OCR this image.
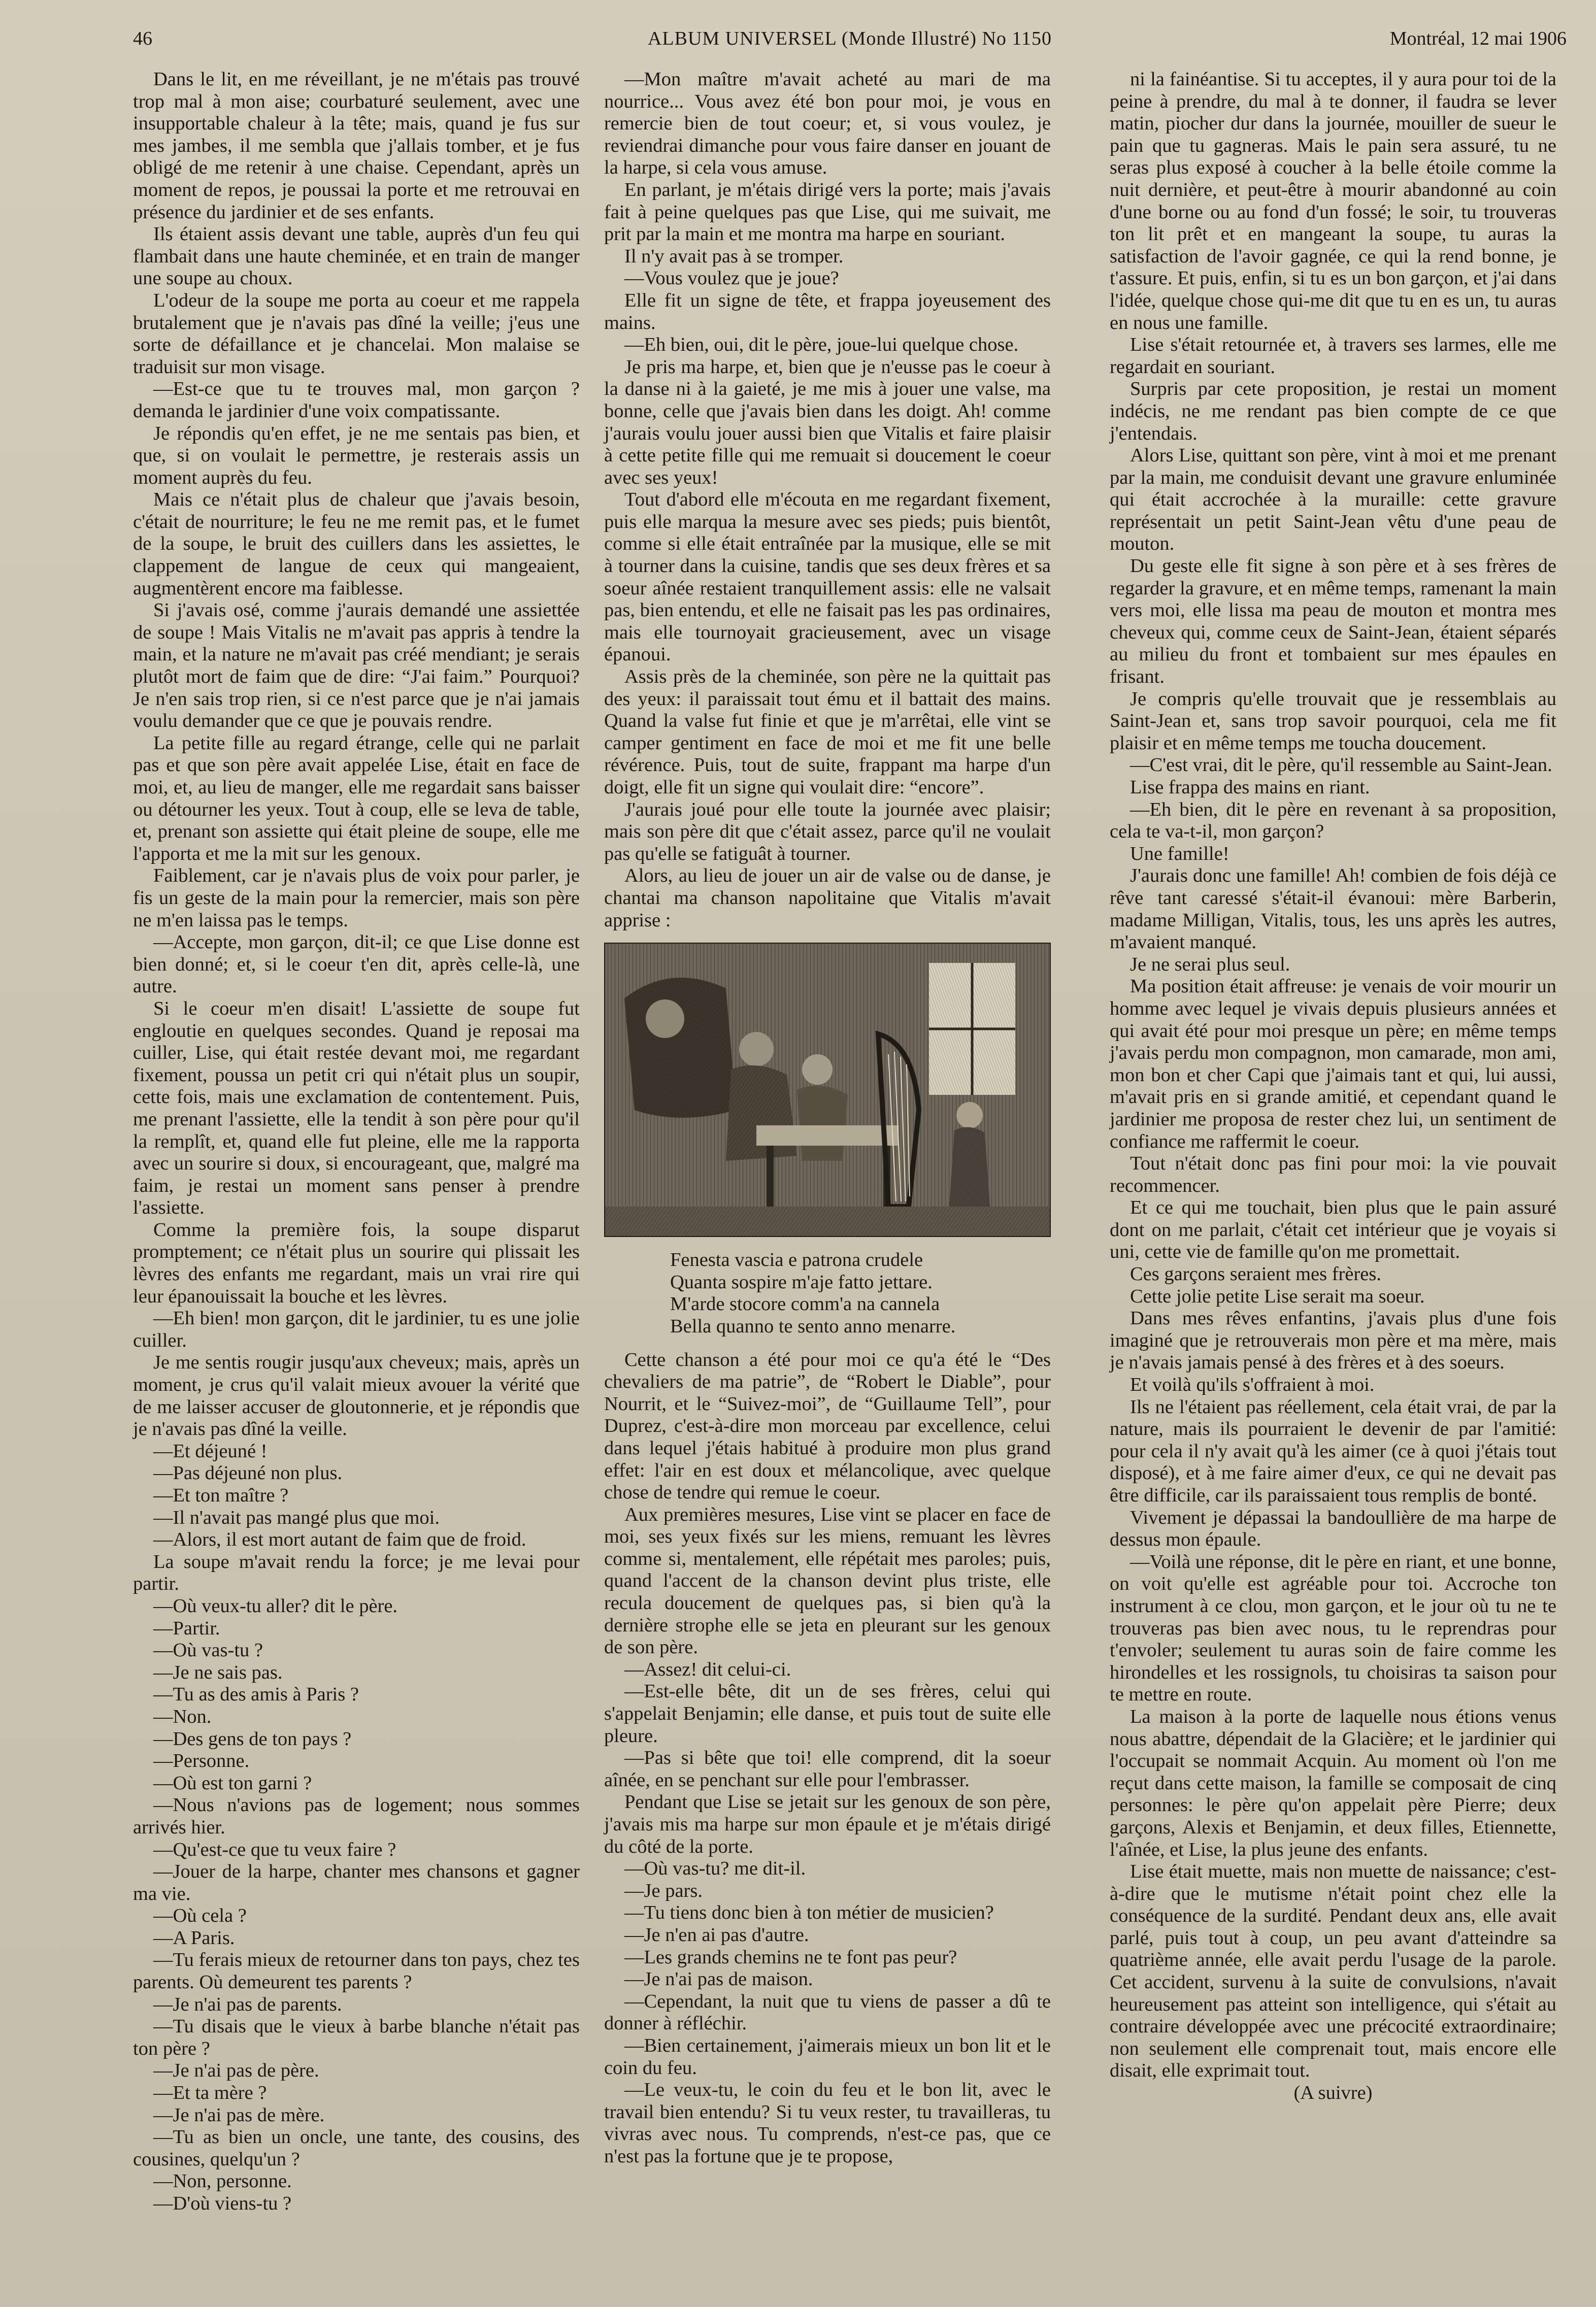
46	ALBUM UNIVERSEL (Monde Illustré) No 1150	Montréal, 12 mai 1906

Dans le lit, en me réveillant, je ne m'étais pas trouvé trop mal à mon aise; courbaturé seulement, avec une insupportable chaleur à la tête; mais, quand je fus sur mes jambes, il me sembla que j'allais tomber, et je fus obligé de me retenir à une chaise. Cependant, après un moment de repos, je poussai la porte et me retrouvai en présence du jardinier et de ses enfants.

Ils étaient assis devant une table, auprès d'un feu qui flambait dans une haute cheminée, et en train de manger une soupe au choux.

L'odeur de la soupe me porta au coeur et me rappela brutalement que je n'avais pas dîné la veille; j'eus une sorte de défaillance et je chancelai. Mon malaise se traduisit sur mon visage.

—Est-ce que tu te trouves mal, mon garçon ? demanda le jardinier d'une voix compatissante.

Je répondis qu'en effet, je ne me sentais pas bien, et que, si on voulait le permettre, je resterais assis un moment auprès du feu.

Mais ce n'était plus de chaleur que j'avais besoin, c'était de nourriture; le feu ne me remit pas, et le fumet de la soupe, le bruit des cuillers dans les assiettes, le clappement de langue de ceux qui mangeaient, augmentèrent encore ma faiblesse.

Si j'avais osé, comme j'aurais demandé une assiettée de soupe ! Mais Vitalis ne m'avait pas appris à tendre la main, et la nature ne m'avait pas créé mendiant; je serais plutôt mort de faim que de dire: “J'ai faim.” Pourquoi? Je n'en sais trop rien, si ce n'est parce que je n'ai jamais voulu demander que ce que je pouvais rendre.

La petite fille au regard étrange, celle qui ne parlait pas et que son père avait appelée Lise, était en face de moi, et, au lieu de manger, elle me regardait sans baisser ou détourner les yeux. Tout à coup, elle se leva de table, et, prenant son assiette qui était pleine de soupe, elle me l'apporta et me la mit sur les genoux.

Faiblement, car je n'avais plus de voix pour parler, je fis un geste de la main pour la remercier, mais son père ne m'en laissa pas le temps.

—Accepte, mon garçon, dit-il; ce que Lise donne est bien donné; et, si le coeur t'en dit, après celle-là, une autre.

Si le coeur m'en disait! L'assiette de soupe fut engloutie en quelques secondes. Quand je reposai ma cuiller, Lise, qui était restée devant moi, me regardant fixement, poussa un petit cri qui n'était plus un soupir, cette fois, mais une exclamation de contentement. Puis, me prenant l'assiette, elle la tendit à son père pour qu'il la remplît, et, quand elle fut pleine, elle me la rapporta avec un sourire si doux, si encourageant, que, malgré ma faim, je restai un moment sans penser à prendre l'assiette.

Comme la première fois, la soupe disparut promptement; ce n'était plus un sourire qui plissait les lèvres des enfants me regardant, mais un vrai rire qui leur épanouissait la bouche et les lèvres.

—Eh bien! mon garçon, dit le jardinier, tu es une jolie cuiller.

Je me sentis rougir jusqu'aux cheveux; mais, après un moment, je crus qu'il valait mieux avouer la vérité que de me laisser accuser de gloutonnerie, et je répondis que je n'avais pas dîné la veille.

—Et déjeuné !

—Pas déjeuné non plus.

—Et ton maître ?

—Il n'avait pas mangé plus que moi.

—Alors, il est mort autant de faim que de froid.

La soupe m'avait rendu la force; je me levai pour partir.

—Où veux-tu aller? dit le père.

—Partir.

—Où vas-tu ?

—Je ne sais pas.

—Tu as des amis à Paris ?

—Non.

—Des gens de ton pays ?

—Personne.

—Où est ton garni ?

—Nous n'avions pas de logement; nous sommes arrivés hier.

—Qu'est-ce que tu veux faire ?

—Jouer de la harpe, chanter mes chansons et gagner ma vie.

—Où cela ?

—A Paris.

—Tu ferais mieux de retourner dans ton pays, chez tes parents. Où demeurent tes parents ?

—Je n'ai pas de parents.

—Tu disais que le vieux à barbe blanche n'était pas ton père ?

—Je n'ai pas de père.

—Et ta mère ?

—Je n'ai pas de mère.

—Tu as bien un oncle, une tante, des cousins, des cousines, quelqu'un ?

—Non, personne.

—D'où viens-tu ?

—Mon maître m'avait acheté au mari de ma nourrice... Vous avez été bon pour moi, je vous en remercie bien de tout coeur; et, si vous voulez, je reviendrai dimanche pour vous faire danser en jouant de la harpe, si cela vous amuse.

En parlant, je m'étais dirigé vers la porte; mais j'avais fait à peine quelques pas que Lise, qui me suivait, me prit par la main et me montra ma harpe en souriant.

Il n'y avait pas à se tromper.

—Vous voulez que je joue?

Elle fit un signe de tête, et frappa joyeusement des mains.

—Eh bien, oui, dit le père, joue-lui quelque chose.

Je pris ma harpe, et, bien que je n'eusse pas le coeur à la danse ni à la gaieté, je me mis à jouer une valse, ma bonne, celle que j'avais bien dans les doigt. Ah! comme j'aurais voulu jouer aussi bien que Vitalis et faire plaisir à cette petite fille qui me remuait si doucement le coeur avec ses yeux!

Tout d'abord elle m'écouta en me regardant fixement, puis elle marqua la mesure avec ses pieds; puis bientôt, comme si elle était entraînée par la musique, elle se mit à tourner dans la cuisine, tandis que ses deux frères et sa soeur aînée restaient tranquillement assis: elle ne valsait pas, bien entendu, et elle ne faisait pas les pas ordinaires, mais elle tournoyait gracieusement, avec un visage épanoui.

Assis près de la cheminée, son père ne la quittait pas des yeux: il paraissait tout ému et il battait des mains. Quand la valse fut finie et que je m'arrêtai, elle vint se camper gentiment en face de moi et me fit une belle révérence. Puis, tout de suite, frappant ma harpe d'un doigt, elle fit un signe qui voulait dire: “encore”.

J'aurais joué pour elle toute la journée avec plaisir; mais son père dit que c'était assez, parce qu'il ne voulait pas qu'elle se fatiguât à tourner.

Alors, au lieu de jouer un air de valse ou de danse, je chantai ma chanson napolitaine que Vitalis m'avait apprise :

Fenesta vascia e patrona crudele
Quanta sospire m'aje fatto jettare.
M'arde stocore comm'a na cannela
Bella quanno te sento anno menarre.

Cette chanson a été pour moi ce qu'a été le “Des chevaliers de ma patrie”, de “Robert le Diable”, pour Nourrit, et le “Suivez-moi”, de “Guillaume Tell”, pour Duprez, c'est-à-dire mon morceau par excellence, celui dans lequel j'étais habitué à produire mon plus grand effet: l'air en est doux et mélancolique, avec quelque chose de tendre qui remue le coeur.

Aux premières mesures, Lise vint se placer en face de moi, ses yeux fixés sur les miens, remuant les lèvres comme si, mentalement, elle répétait mes paroles; puis, quand l'accent de la chanson devint plus triste, elle recula doucement de quelques pas, si bien qu'à la dernière strophe elle se jeta en pleurant sur les genoux de son père.

—Assez! dit celui-ci.

—Est-elle bête, dit un de ses frères, celui qui s'appelait Benjamin; elle danse, et puis tout de suite elle pleure.

—Pas si bête que toi! elle comprend, dit la soeur aînée, en se penchant sur elle pour l'embrasser.

Pendant que Lise se jetait sur les genoux de son père, j'avais mis ma harpe sur mon épaule et je m'étais dirigé du côté de la porte.

—Où vas-tu? me dit-il.

—Je pars.

—Tu tiens donc bien à ton métier de musicien?

—Je n'en ai pas d'autre.

—Les grands chemins ne te font pas peur?

—Je n'ai pas de maison.

—Cependant, la nuit que tu viens de passer a dû te donner à réfléchir.

—Bien certainement, j'aimerais mieux un bon lit et le coin du feu.

—Le veux-tu, le coin du feu et le bon lit, avec le travail bien entendu? Si tu veux rester, tu travailleras, tu vivras avec nous. Tu comprends, n'est-ce pas, que ce n'est pas la fortune que je te propose,

ni la fainéantise. Si tu acceptes, il y aura pour toi de la peine à prendre, du mal à te donner, il faudra se lever matin, piocher dur dans la journée, mouiller de sueur le pain que tu gagneras. Mais le pain sera assuré, tu ne seras plus exposé à coucher à la belle étoile comme la nuit dernière, et peut-être à mourir abandonné au coin d'une borne ou au fond d'un fossé; le soir, tu trouveras ton lit prêt et en mangeant la soupe, tu auras la satisfaction de l'avoir gagnée, ce qui la rend bonne, je t'assure. Et puis, enfin, si tu es un bon garçon, et j'ai dans l'idée, quelque chose qui-me dit que tu en es un, tu auras en nous une famille.

Lise s'était retournée et, à travers ses larmes, elle me regardait en souriant.

Surpris par cete proposition, je restai un moment indécis, ne me rendant pas bien compte de ce que j'entendais.

Alors Lise, quittant son père, vint à moi et me prenant par la main, me conduisit devant une gravure enluminée qui était accrochée à la muraille: cette gravure représentait un petit Saint-Jean vêtu d'une peau de mouton.

Du geste elle fit signe à son père et à ses frères de regarder la gravure, et en même temps, ramenant la main vers moi, elle lissa ma peau de mouton et montra mes cheveux qui, comme ceux de Saint-Jean, étaient séparés au milieu du front et tombaient sur mes épaules en frisant.

Je compris qu'elle trouvait que je ressemblais au Saint-Jean et, sans trop savoir pourquoi, cela me fit plaisir et en même temps me toucha doucement.

—C'est vrai, dit le père, qu'il ressemble au Saint-Jean.

Lise frappa des mains en riant.

—Eh bien, dit le père en revenant à sa proposition, cela te va-t-il, mon garçon?

Une famille!

J'aurais donc une famille! Ah! combien de fois déjà ce rêve tant caressé s'était-il évanoui: mère Barberin, madame Milligan, Vitalis, tous, les uns après les autres, m'avaient manqué.

Je ne serai plus seul.

Ma position était affreuse: je venais de voir mourir un homme avec lequel je vivais depuis plusieurs années et qui avait été pour moi presque un père; en même temps j'avais perdu mon compagnon, mon camarade, mon ami, mon bon et cher Capi que j'aimais tant et qui, lui aussi, m'avait pris en si grande amitié, et cependant quand le jardinier me proposa de rester chez lui, un sentiment de confiance me raffermit le coeur.

Tout n'était donc pas fini pour moi: la vie pouvait recommencer.

Et ce qui me touchait, bien plus que le pain assuré dont on me parlait, c'était cet intérieur que je voyais si uni, cette vie de famille qu'on me promettait.

Ces garçons seraient mes frères.

Cette jolie petite Lise serait ma soeur.

Dans mes rêves enfantins, j'avais plus d'une fois imaginé que je retrouverais mon père et ma mère, mais je n'avais jamais pensé à des frères et à des soeurs.

Et voilà qu'ils s'offraient à moi.

Ils ne l'étaient pas réellement, cela était vrai, de par la nature, mais ils pourraient le devenir de par l'amitié: pour cela il n'y avait qu'à les aimer (ce à quoi j'étais tout disposé), et à me faire aimer d'eux, ce qui ne devait pas être difficile, car ils paraissaient tous remplis de bonté.

Vivement je dépassai la bandoullière de ma harpe de dessus mon épaule.

—Voilà une réponse, dit le père en riant, et une bonne, on voit qu'elle est agréable pour toi. Accroche ton instrument à ce clou, mon garçon, et le jour où tu ne te trouveras pas bien avec nous, tu le reprendras pour t'envoler; seulement tu auras soin de faire comme les hirondelles et les rossignols, tu choisiras ta saison pour te mettre en route.

La maison à la porte de laquelle nous étions venus nous abattre, dépendait de la Glacière; et le jardinier qui l'occupait se nommait Acquin. Au moment où l'on me reçut dans cette maison, la famille se composait de cinq personnes: le père qu'on appelait père Pierre; deux garçons, Alexis et Benjamin, et deux filles, Etiennette, l'aînée, et Lise, la plus jeune des enfants.

Lise était muette, mais non muette de naissance; c'est-à-dire que le mutisme n'était point chez elle la conséquence de la surdité. Pendant deux ans, elle avait parlé, puis tout à coup, un peu avant d'atteindre sa quatrième année, elle avait perdu l'usage de la parole. Cet accident, survenu à la suite de convulsions, n'avait heureusement pas atteint son intelligence, qui s'était au contraire développée avec une précocité extraordinaire; non seulement elle comprenait tout, mais encore elle disait, elle exprimait tout.

(A suivre)
